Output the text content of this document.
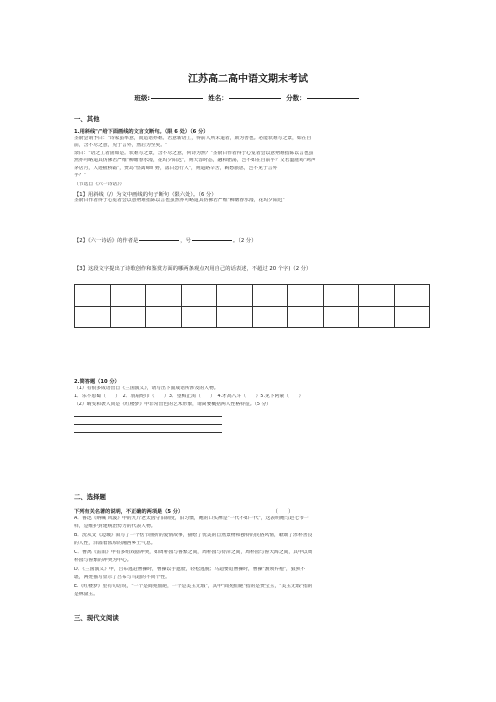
江苏高二高中语文期末考试
班级:	姓名：	分数：
一、其他
1.用斜线"/"给下面画线的文言文断句。（限 6 处）（6 分）
圣俞尝谓予曰："诗家虽率意，而造语亦难。若意新语工，得前人所未道者，斯为善也。必能状难写之景，如在目
前，含不尽之意，见于言外，然后为至矣。"
余曰："语之工者固如是。状难写之景，含不尽之意，何诗为然？"圣俞曰作者得于心览者会以意殆难指陈以言也虽
然亦可略道其仿佛若严维"柳塘春水漫，花坞夕阳迟"，则天容时态，融和骀荡，岂不如在目前乎？又若温庭筠"鸡声
茅店月，人迹板桥霜"，贾岛"怪禽啼旷野，落日恐行人"，则道路辛苦，羁愁旅思，岂不见于言外
乎？"
（节选自《六一诗话》）
【1】用斜线（/）为文中画线的句子断句（限六处）。（6 分）
圣俞曰作者得于心览者会以意殆难指陈以言也虽然亦可略道其仿佛若严维"柳塘春水漫，花坞夕阳迟"
【2】《六一诗话》的作者是	，号	。（2 分）
【3】这段文字提出了诗歌创作和鉴赏方面的哪两条观点?(用自己的话表述，不超过 20 个字)（2 分）

2.简答题（10 分）
（1）有很多成语出自《三国演义》，请写出下面成语所涉及的人物。
1．乐不思蜀（　　）　2．羽扇纶巾（　　）3．望梅止渴（　　）　4.才高八斗（　　）5.见下阿蒙（　　）
（2）晴雯和袭人同是《红楼梦》中非常出色的艺术形象，请简要概括两人性格特征。（5 分）
二、选择题
下列有关名著的说明，不正确的两项是（5 分）	（　　）
A．鲁迅《呐喊 风波》中的九斤老太因守旧制度，旧习惯，她的口头禅是"一代不如一代"，这表明她与赵七爷一
样，是维护封建统治势力的代表人物。
B．沈从文《边城》叙写了一个恬节曲折的爱情故事，描绘了优美的自然景物和独特的民俗风情，歌颂了淳朴善良
的人性，洋溢着浓厚的湘西乡土气息。
C．曹禺《雷雨》中有多组戏剧冲突，如周朴园与鲁繁之间，周朴园与侍萍之间，周朴园与鲁大海之间，其中以周
朴园与鲁繁的冲突为中心。
D．《三国演义》中，吕布逃赶曹操时，曹操以手遮脸，轻松逃脱；马超要追曹操时，曹操"割须弃袍"，狼狈不
堪，两处描写显示了吕布与马超的不同个性。
E.《红楼梦》里有句话说，"一个是阆苑仙葩，一个是美玉无瑕"，其中"阆苑仙葩"指的是贾宝玉，"美玉无瑕"指的
是林黛玉。
三、现代文阅读
